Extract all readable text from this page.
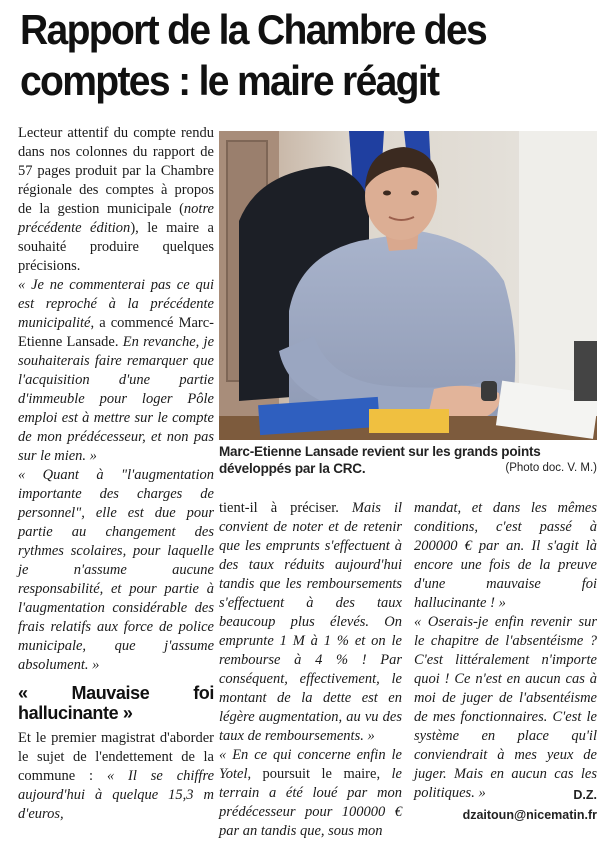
Rapport de la Chambre des comptes : le maire réagit

Lecteur attentif du compte rendu dans nos colonnes du rapport de 57 pages produit par la Chambre régionale des comptes à propos de la gestion municipale (notre précédente édition), le maire a souhaité produire quelques précisions.

« Je ne commenterai pas ce qui est reproché à la précédente municipalité, a commencé Marc-Etienne Lansade. En revanche, je souhaiterais faire remarquer que l'acquisition d'une partie d'immeuble pour loger Pôle emploi est à mettre sur le compte de mon prédécesseur, et non pas sur le mien. »

« Quant à "l'augmentation importante des charges de personnel", elle est due pour partie au changement des rythmes scolaires, pour laquelle je n'assume aucune responsabilité, et pour partie à l'augmentation considérable des frais relatifs aux force de police municipale, que j'assume absolument. »

« Mauvaise foi hallucinante »

Et le premier magistrat d'aborder le sujet de l'endettement de la commune : « Il se chiffre aujourd'hui à quelque 15,3 m d'euros,

Marc-Etienne Lansade revient sur les grands points développés par la CRC.	(Photo doc. V. M.)

tient-il à préciser. Mais il convient de noter et de retenir que les emprunts s'effectuent à des taux réduits aujourd'hui tandis que les remboursements s'effectuent à des taux beaucoup plus élevés. On emprunte 1 M à 1 % et on le rembourse à 4 % ! Par conséquent, effectivement, le montant de la dette est en légère augmentation, au vu des taux de remboursements. »

« En ce qui concerne enfin le Yotel, poursuit le maire, le terrain a été loué par mon prédécesseur pour 100000 € par an tandis que, sous mon

mandat, et dans les mêmes conditions, c'est passé à 200000 € par an. Il s'agit là encore une fois de la preuve d'une mauvaise foi hallucinante ! »

« Oserais-je enfin revenir sur le chapitre de l'absentéisme ? C'est littéralement n'importe quoi ! Ce n'est en aucun cas à moi de juger de l'absentéisme de mes fonctionnaires. C'est le système en place qu'il conviendrait à mes yeux de juger. Mais en aucun cas les politiques. »	D.Z.
dzaitoun@nicematin.fr
